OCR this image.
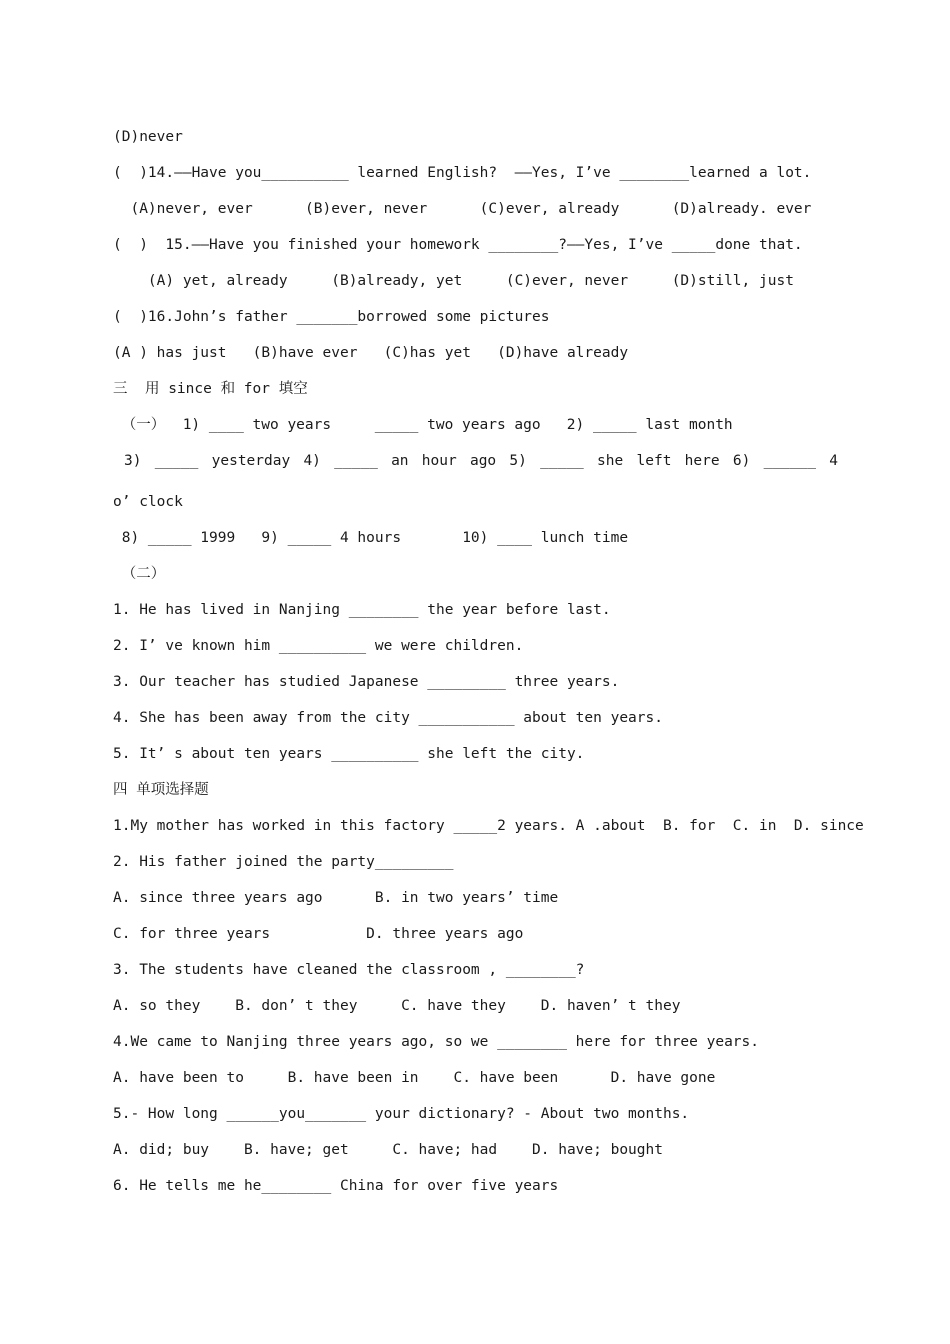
(D)never
(  )14.——Have you__________ learned English?  ——Yes, I’ve ________learned a lot.
(A)never, ever      (B)ever, never      (C)ever, already      (D)already. ever
(  )  15.——Have you finished your homework ________?——Yes, I’ve _____done that.
(A) yet, already     (B)already, yet     (C)ever, never     (D)still, just
(  )16.John’s father _______borrowed some pictures
(A ) has just   (B)have ever   (C)has yet   (D)have already
三  用 since 和 for 填空
（一）  1) ____ two years     _____ two years ago   2) _____ last month
3) _____ yesterday 4) _____ an hour ago 5) _____ she left here 6) ______ 4
o’ clock
8) _____ 1999   9) _____ 4 hours       10) ____ lunch time
（二）
1. He has lived in Nanjing ________ the year before last.
2. I’ ve known him __________ we were children.
3. Our teacher has studied Japanese _________ three years.
4. She has been away from the city ___________ about ten years.
5. It’ s about ten years __________ she left the city.
四 单项选择题
1.My mother has worked in this factory _____2 years. A .about  B. for  C. in  D. since
2. His father joined the party_________
A. since three years ago      B. in two years’ time
C. for three years           D. three years ago
3. The students have cleaned the classroom , ________?
A. so they    B. don’ t they     C. have they    D. haven’ t they
4.We came to Nanjing three years ago, so we ________ here for three years.
A. have been to     B. have been in    C. have been      D. have gone
5.- How long ______you_______ your dictionary? - About two months.
A. did; buy    B. have; get     C. have; had    D. have; bought
6. He tells me he________ China for over five years
